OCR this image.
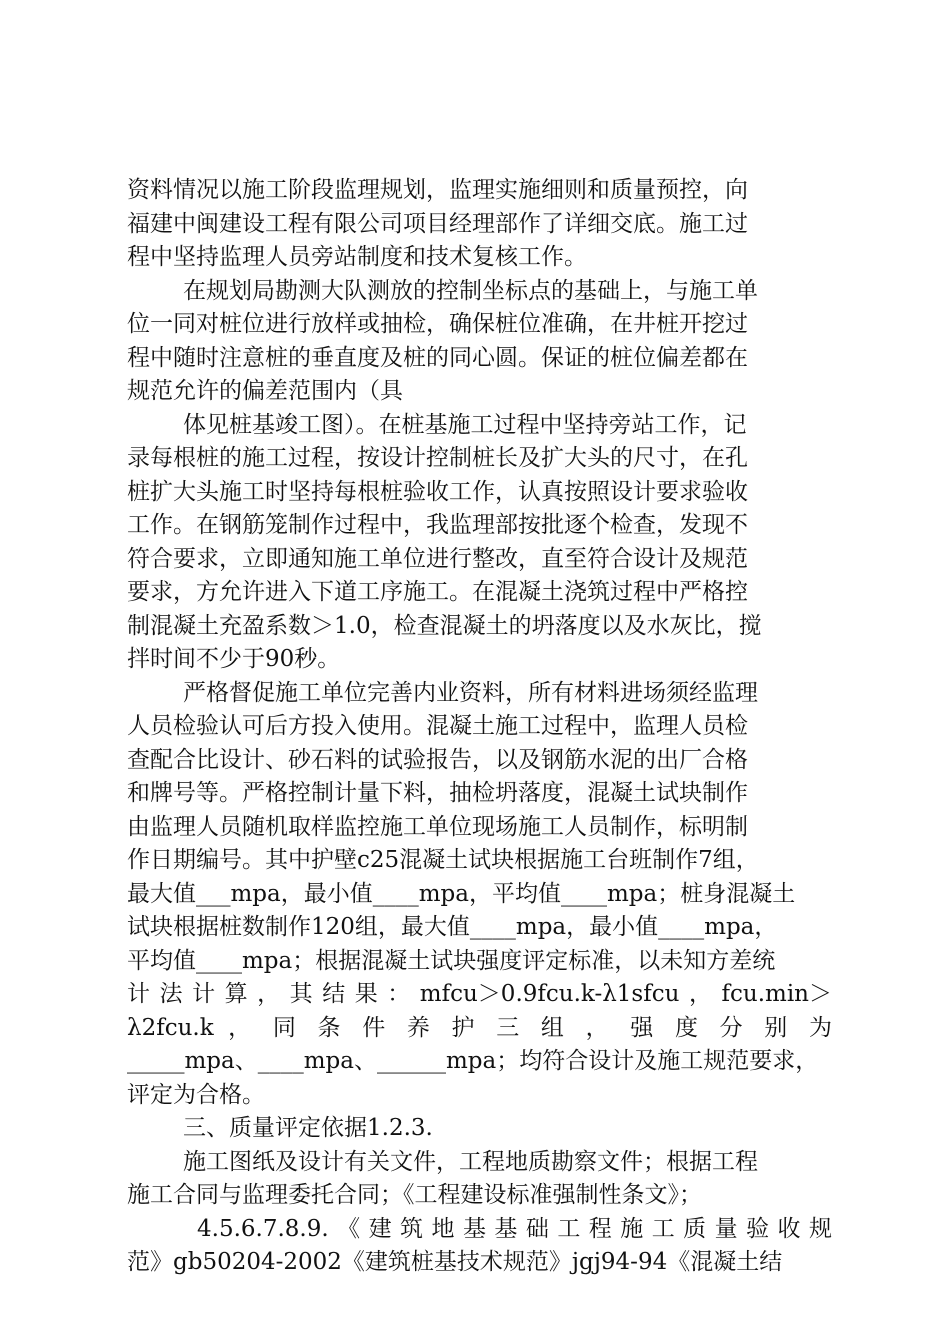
资料情况以施工阶段监理规划，监理实施细则和质量预控，向
福建中闽建设工程有限公司项目经理部作了详细交底。施工过
程中坚持监理人员旁站制度和技术复核工作。
在规划局勘测大队测放的控制坐标点的基础上，与施工单
位一同对桩位进行放样或抽检，确保桩位准确，在井桩开挖过
程中随时注意桩的垂直度及桩的同心圆。保证的桩位偏差都在
规范允许的偏差范围内（具
体见桩基竣工图）。在桩基施工过程中坚持旁站工作，记
录每根桩的施工过程，按设计控制桩长及扩大头的尺寸，在孔
桩扩大头施工时坚持每根桩验收工作，认真按照设计要求验收
工作。在钢筋笼制作过程中，我监理部按批逐个检查，发现不
符合要求，立即通知施工单位进行整改，直至符合设计及规范
要求，方允许进入下道工序施工。在混凝土浇筑过程中严格控
制混凝土充盈系数＞1.0，检查混凝土的坍落度以及水灰比，搅
拌时间不少于90秒。
严格督促施工单位完善内业资料，所有材料进场须经监理
人员检验认可后方投入使用。混凝土施工过程中，监理人员检
查配合比设计、砂石料的试验报告，以及钢筋水泥的出厂合格
和牌号等。严格控制计量下料，抽检坍落度，混凝土试块制作
由监理人员随机取样监控施工单位现场施工人员制作，标明制
作日期编号。其中护壁c25混凝土试块根据施工台班制作7组，
最大值___mpa，最小值____mpa，平均值____mpa；桩身混凝土
试块根据桩数制作120组，最大值____mpa，最小值____mpa，
平均值____mpa；根据混凝土试块强度评定标准，以未知方差统
计法计算，其结果：mfcu＞0.9fcu.k-λ1sfcu，fcu.min＞
λ2fcu.k ， 同 条 件 养 护 三 组 ， 强 度 分 别 为
_____mpa、____mpa、______mpa；均符合设计及施工规范要求，
评定为合格。
三、质量评定依据1.2.3.
施工图纸及设计有关文件，工程地质勘察文件；根据工程
施工合同与监理委托合同；《工程建设标准强制性条文》；
4.5.6.7.8.9.《建筑地基基础工程施工质量验收规
范》gb50204-2002《建筑桩基技术规范》jgj94-94《混凝土结
